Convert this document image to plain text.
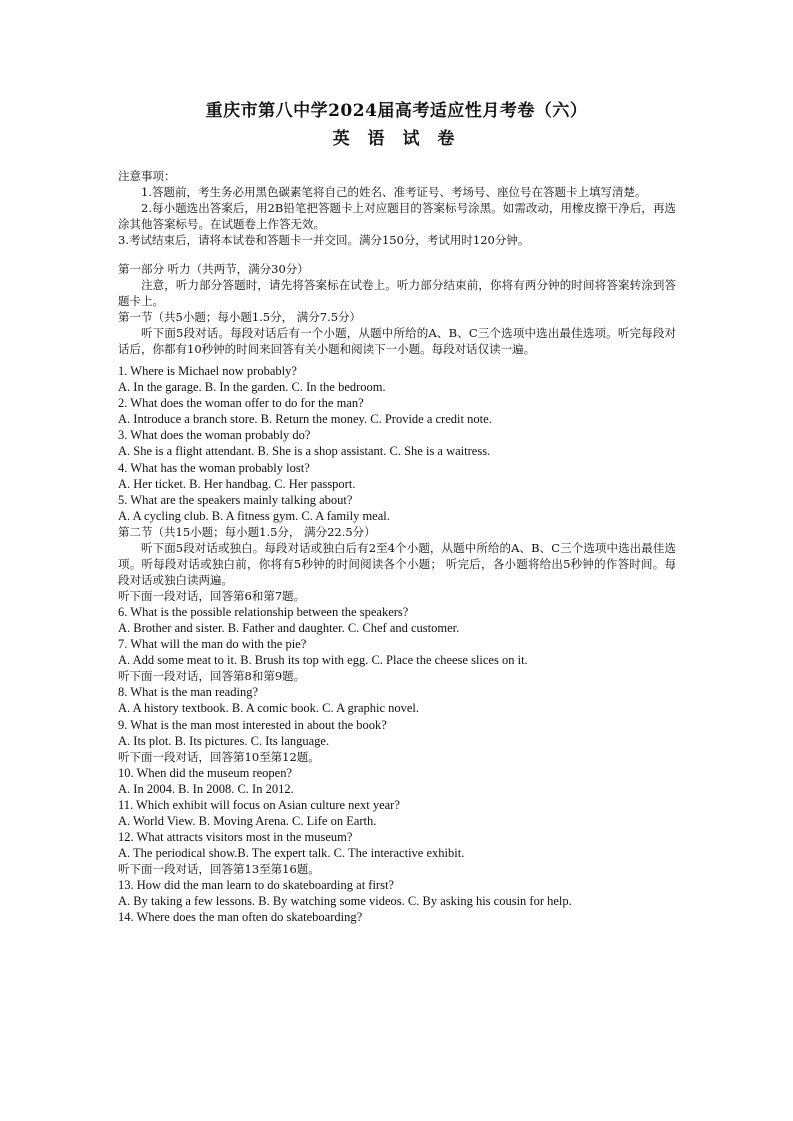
重庆市第八中学2024届高考适应性月考卷（六）
英 语 试 卷
注意事项：
1.答题前，考生务必用黑色碳素笔将自己的姓名、准考证号、考场号、座位号在答题卡上填写清楚。
2.每小题选出答案后，用2B铅笔把答题卡上对应题目的答案标号涂黑。如需改动，用橡皮擦干净后，再选涂其他答案标号。在试题卷上作答无效。
3.考试结束后，请将本试卷和答题卡一并交回。满分150分，考试用时120分钟。
第一部分 听力（共两节，满分30分）
注意，听力部分答题时，请先将答案标在试卷上。听力部分结束前，你将有两分钟的时间将答案转涂到答题卡上。
第一节（共5小题；每小题1.5分， 满分7.5分）
听下面5段对话。每段对话后有一个小题，从题中所给的A、B、C三个选项中选出最佳选项。听完每段对话后，你都有10秒钟的时间来回答有关小题和阅读下一小题。每段对话仅读一遍。
1. Where is Michael now probably?
A. In the garage. B. In the garden. C. In the bedroom.
2. What does the woman offer to do for the man?
A. Introduce a branch store. B. Return the money. C. Provide a credit note.
3. What does the woman probably do?
A. She is a flight attendant. B. She is a shop assistant. C. She is a waitress.
4. What has the woman probably lost?
A. Her ticket. B. Her handbag. C. Her passport.
5. What are the speakers mainly talking about?
A. A cycling club. B. A fitness gym. C. A family meal.
第二节（共15小题；每小题1.5分， 满分22.5分）
听下面5段对话或独白。每段对话或独白后有2至4个小题，从题中所给的A、B、C三个选项中选出最佳选项。听每段对话或独白前，你将有5秒钟的时间阅读各个小题； 听完后，各小题将给出5秒钟的作答时间。每段对话或独白读两遍。
听下面一段对话，回答第6和第7题。
6. What is the possible relationship between the speakers?
A. Brother and sister. B. Father and daughter. C. Chef and customer.
7. What will the man do with the pie?
A. Add some meat to it. B. Brush its top with egg. C. Place the cheese slices on it.
听下面一段对话，回答第8和第9题。
8. What is the man reading?
A. A history textbook. B. A comic book. C. A graphic novel.
9. What is the man most interested in about the book?
A. Its plot. B. Its pictures. C. Its language.
听下面一段对话，回答第10至第12题。
10. When did the museum reopen?
A. In 2004. B. In 2008. C. In 2012.
11. Which exhibit will focus on Asian culture next year?
A. World View. B. Moving Arena. C. Life on Earth.
12. What attracts visitors most in the museum?
A. The periodical show.B. The expert talk. C. The interactive exhibit.
听下面一段对话，回答第13至第16题。
13. How did the man learn to do skateboarding at first?
A. By taking a few lessons. B. By watching some videos. C. By asking his cousin for help.
14. Where does the man often do skateboarding?
